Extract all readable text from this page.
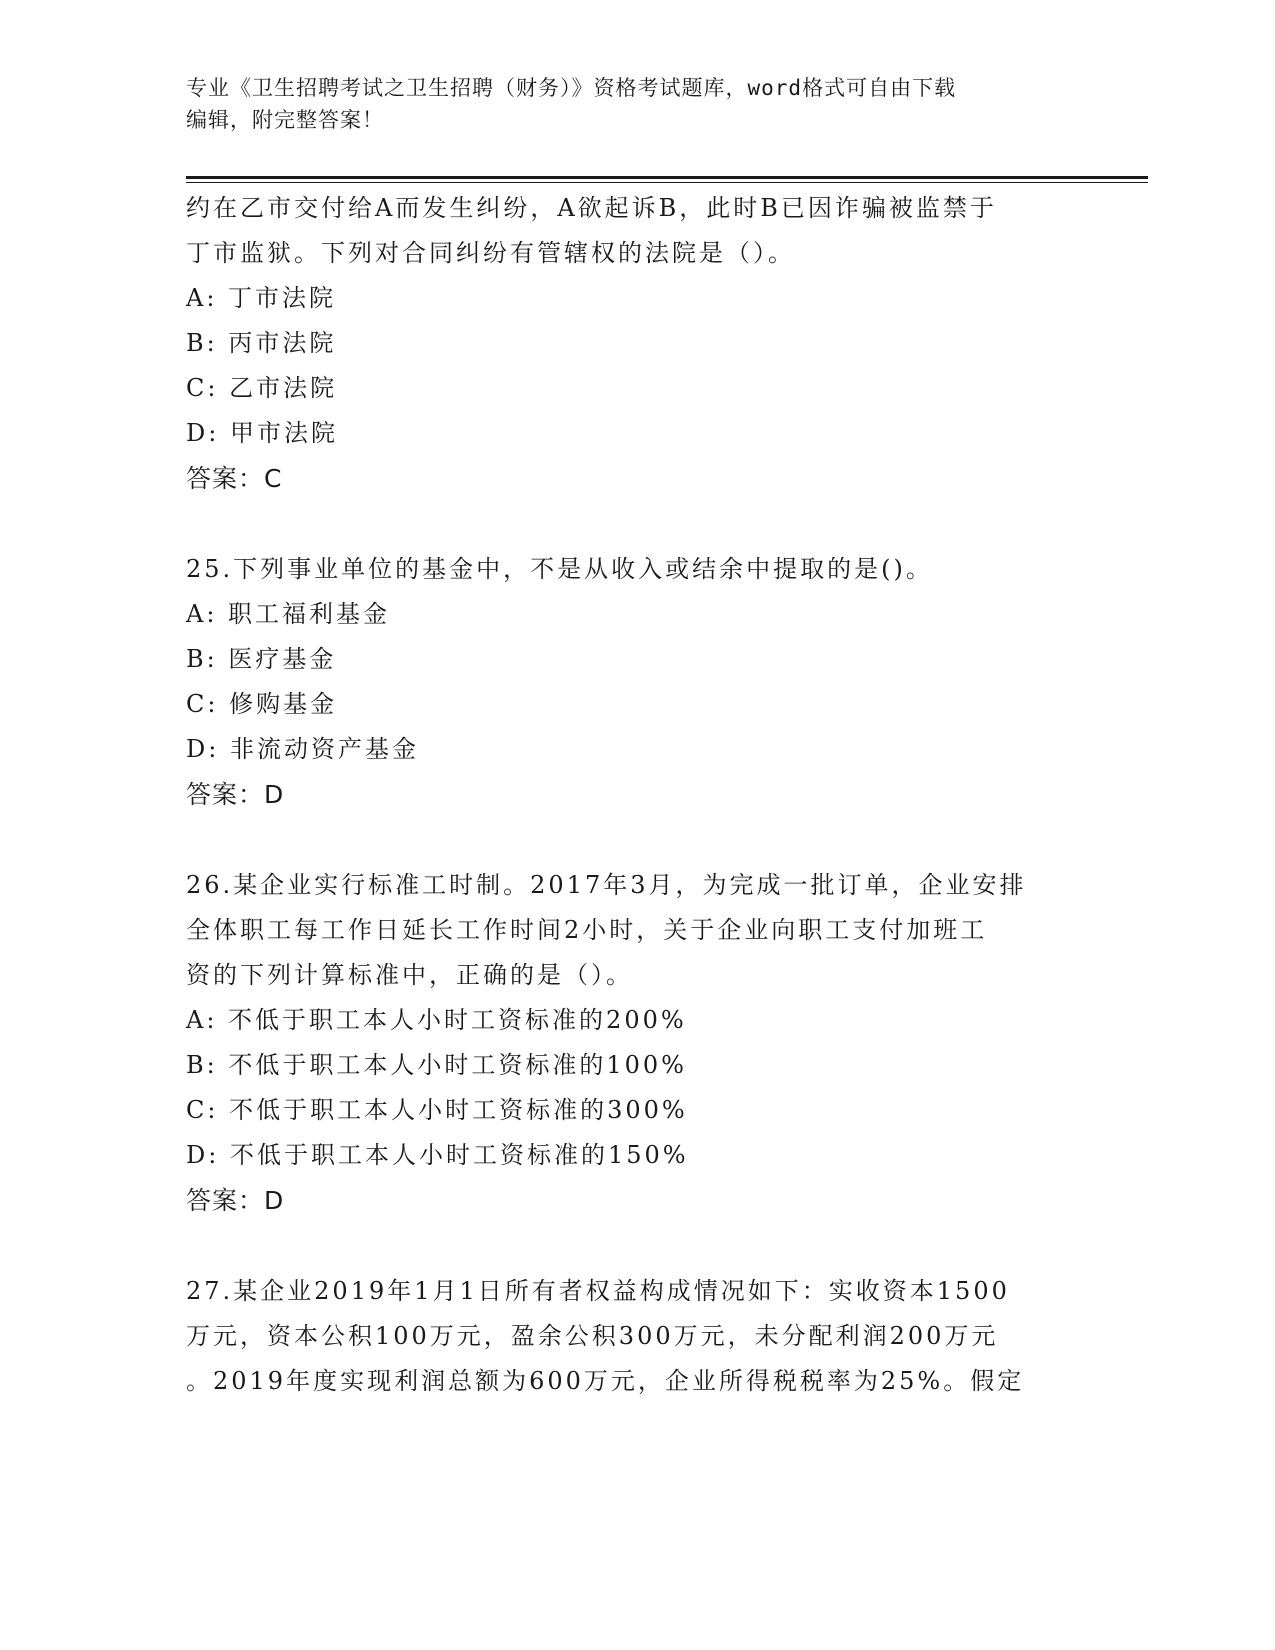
专业《卫生招聘考试之卫生招聘（财务）》资格考试题库，word格式可自由下载
编辑，附完整答案！
约在乙市交付给A而发生纠纷，A欲起诉B，此时B已因诈骗被监禁于
丁市监狱。下列对合同纠纷有管辖权的法院是（）。
A: 丁市法院
B: 丙市法院
C: 乙市法院
D: 甲市法院
答案：C
25.下列事业单位的基金中，不是从收入或结余中提取的是()。
A: 职工福利基金
B: 医疗基金
C: 修购基金
D: 非流动资产基金
答案：D
26.某企业实行标准工时制。2017年3月，为完成一批订单，企业安排
全体职工每工作日延长工作时间2小时，关于企业向职工支付加班工
资的下列计算标准中，正确的是（）。
A: 不低于职工本人小时工资标准的200%
B: 不低于职工本人小时工资标准的100%
C: 不低于职工本人小时工资标准的300%
D: 不低于职工本人小时工资标准的150%
答案：D
27.某企业2019年1月1日所有者权益构成情况如下：实收资本1500
万元，资本公积100万元，盈余公积300万元，未分配利润200万元
。2019年度实现利润总额为600万元，企业所得税税率为25%。假定
